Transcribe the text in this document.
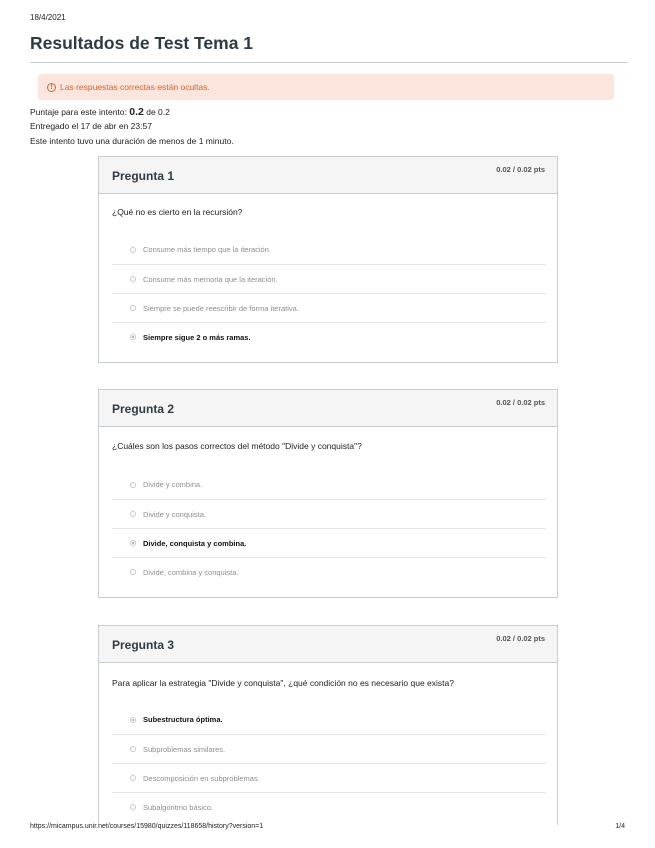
18/4/2021
Resultados de Test Tema 1
! Las respuestas correctas están ocultas.
Puntaje para este intento: 0.2 de 0.2
Entregado el 17 de abr en 23:57
Este intento tuvo una duración de menos de 1 minuto.
Pregunta 1	0.02 / 0.02 pts
¿Qué no es cierto en la recursión?
Consume más tiempo que la iteración.
Consume más memoria que la iteración.
Siempre se puede reescribir de forma iterativa.
Siempre sigue 2 o más ramas.
Pregunta 2	0.02 / 0.02 pts
¿Cuáles son los pasos correctos del método "Divide y conquista"?
Divide y combina.
Divide y conquista.
Divide, conquista y combina.
Divide, combina y conquista.
Pregunta 3	0.02 / 0.02 pts
Para aplicar la estrategia "Divide y conquista", ¿qué condición no es necesario que exista?
Subestructura óptima.
Subproblemas similares.
Descomposición en subproblemas.
Subalgoritmo básico.
https://micampus.unir.net/courses/15980/quizzes/118658/history?version=1	1/4
